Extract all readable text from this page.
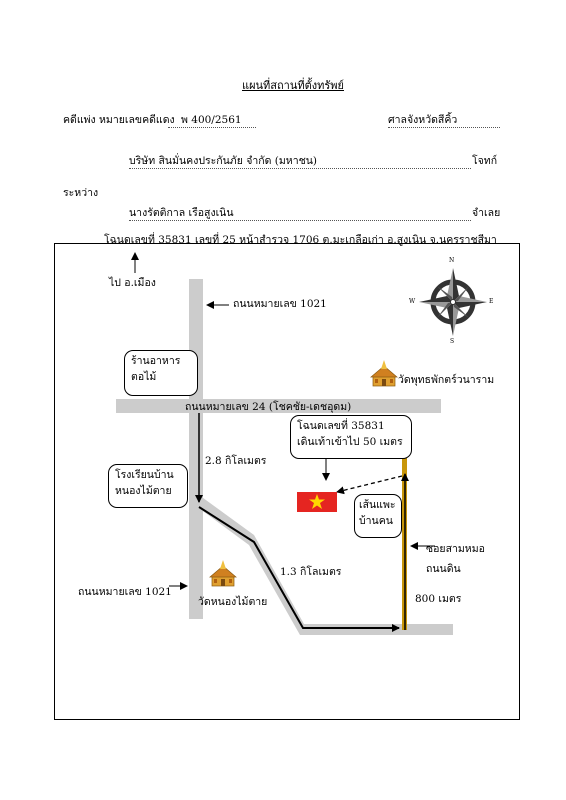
แผนที่สถานที่ตั้งทรัพย์
คดีแพ่ง หมายเลขคดีแดง พ 400/2561	ศาลจังหวัดสีคิ้ว
บริษัท สินมั่นคงประกันภัย จำกัด (มหาชน)	โจทก์
ระหว่าง
นางรัตติกาล เรือสูงเนิน	จำเลย
โฉนดเลขที่ 35831 เลขที่ 25 หน้าสำรวจ 1706 ต.มะเกลือเก่า อ.สูงเนิน จ.นครราชสีมา
N
S
E
W
ไป อ.เมือง
ถนนหมายเลข 1021
ร้านอาหาร
ตอไม้	วัดพุทธพักตร์วนาราม
ถนนหมายเลข 24 (โชคชัย-เดชอุดม)
โฉนดเลขที่ 35831
เดินเท้าเข้าไป 50 เมตร
2.8 กิโลเมตร
โรงเรียนบ้าน
หนองไม้ตาย
เส้นแพะ
บ้านคน
ซอยสามหมอ
ถนนดิน
1.3 กิโลเมตร
ถนนหมายเลข 1021
วัดหนองไม้ตาย	800 เมตร
